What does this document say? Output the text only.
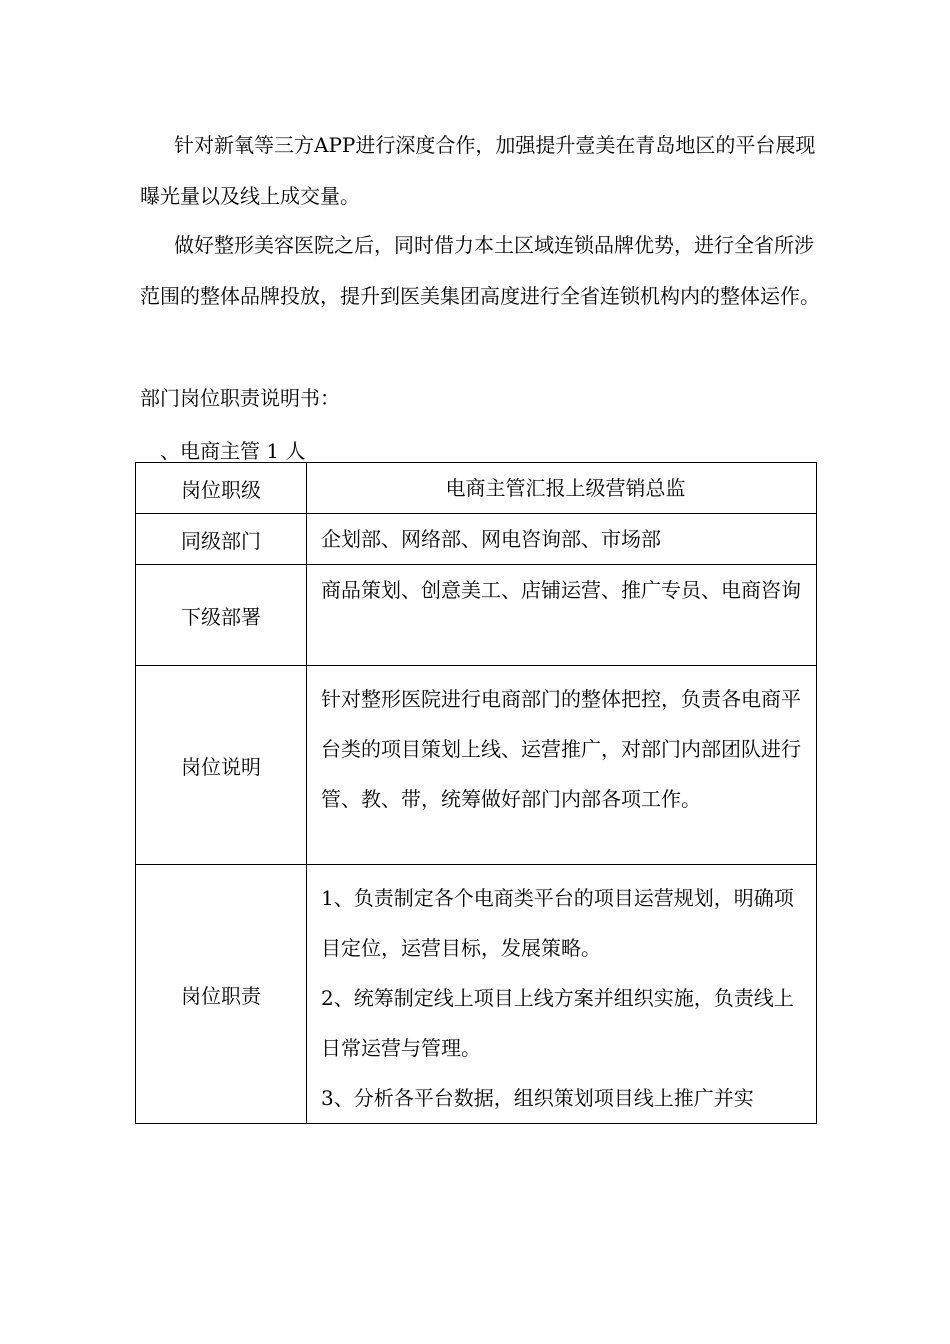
针对新氧等三方APP进行深度合作，加强提升壹美在青岛地区的平台展现曝光量以及线上成交量。

做好整形美容医院之后，同时借力本土区域连锁品牌优势，进行全省所涉范围的整体品牌投放，提升到医美集团高度进行全省连锁机构内的整体运作。

部门岗位职责说明书：

、电商主管 1 人

岗位职级	电商主管汇报上级营销总监
同级部门	企划部、网络部、网电咨询部、市场部
下级部署	商品策划、创意美工、店铺运营、推广专员、电商咨询
岗位说明	针对整形医院进行电商部门的整体把控，负责各电商平台类的项目策划上线、运营推广，对部门内部团队进行管、教、带，统筹做好部门内部各项工作。
岗位职责	1、负责制定各个电商类平台的项目运营规划，明确项目定位，运营目标，发展策略。

2、统筹制定线上项目上线方案并组织实施，负责线上日常运营与管理。

3、分析各平台数据，组织策划项目线上推广并实
